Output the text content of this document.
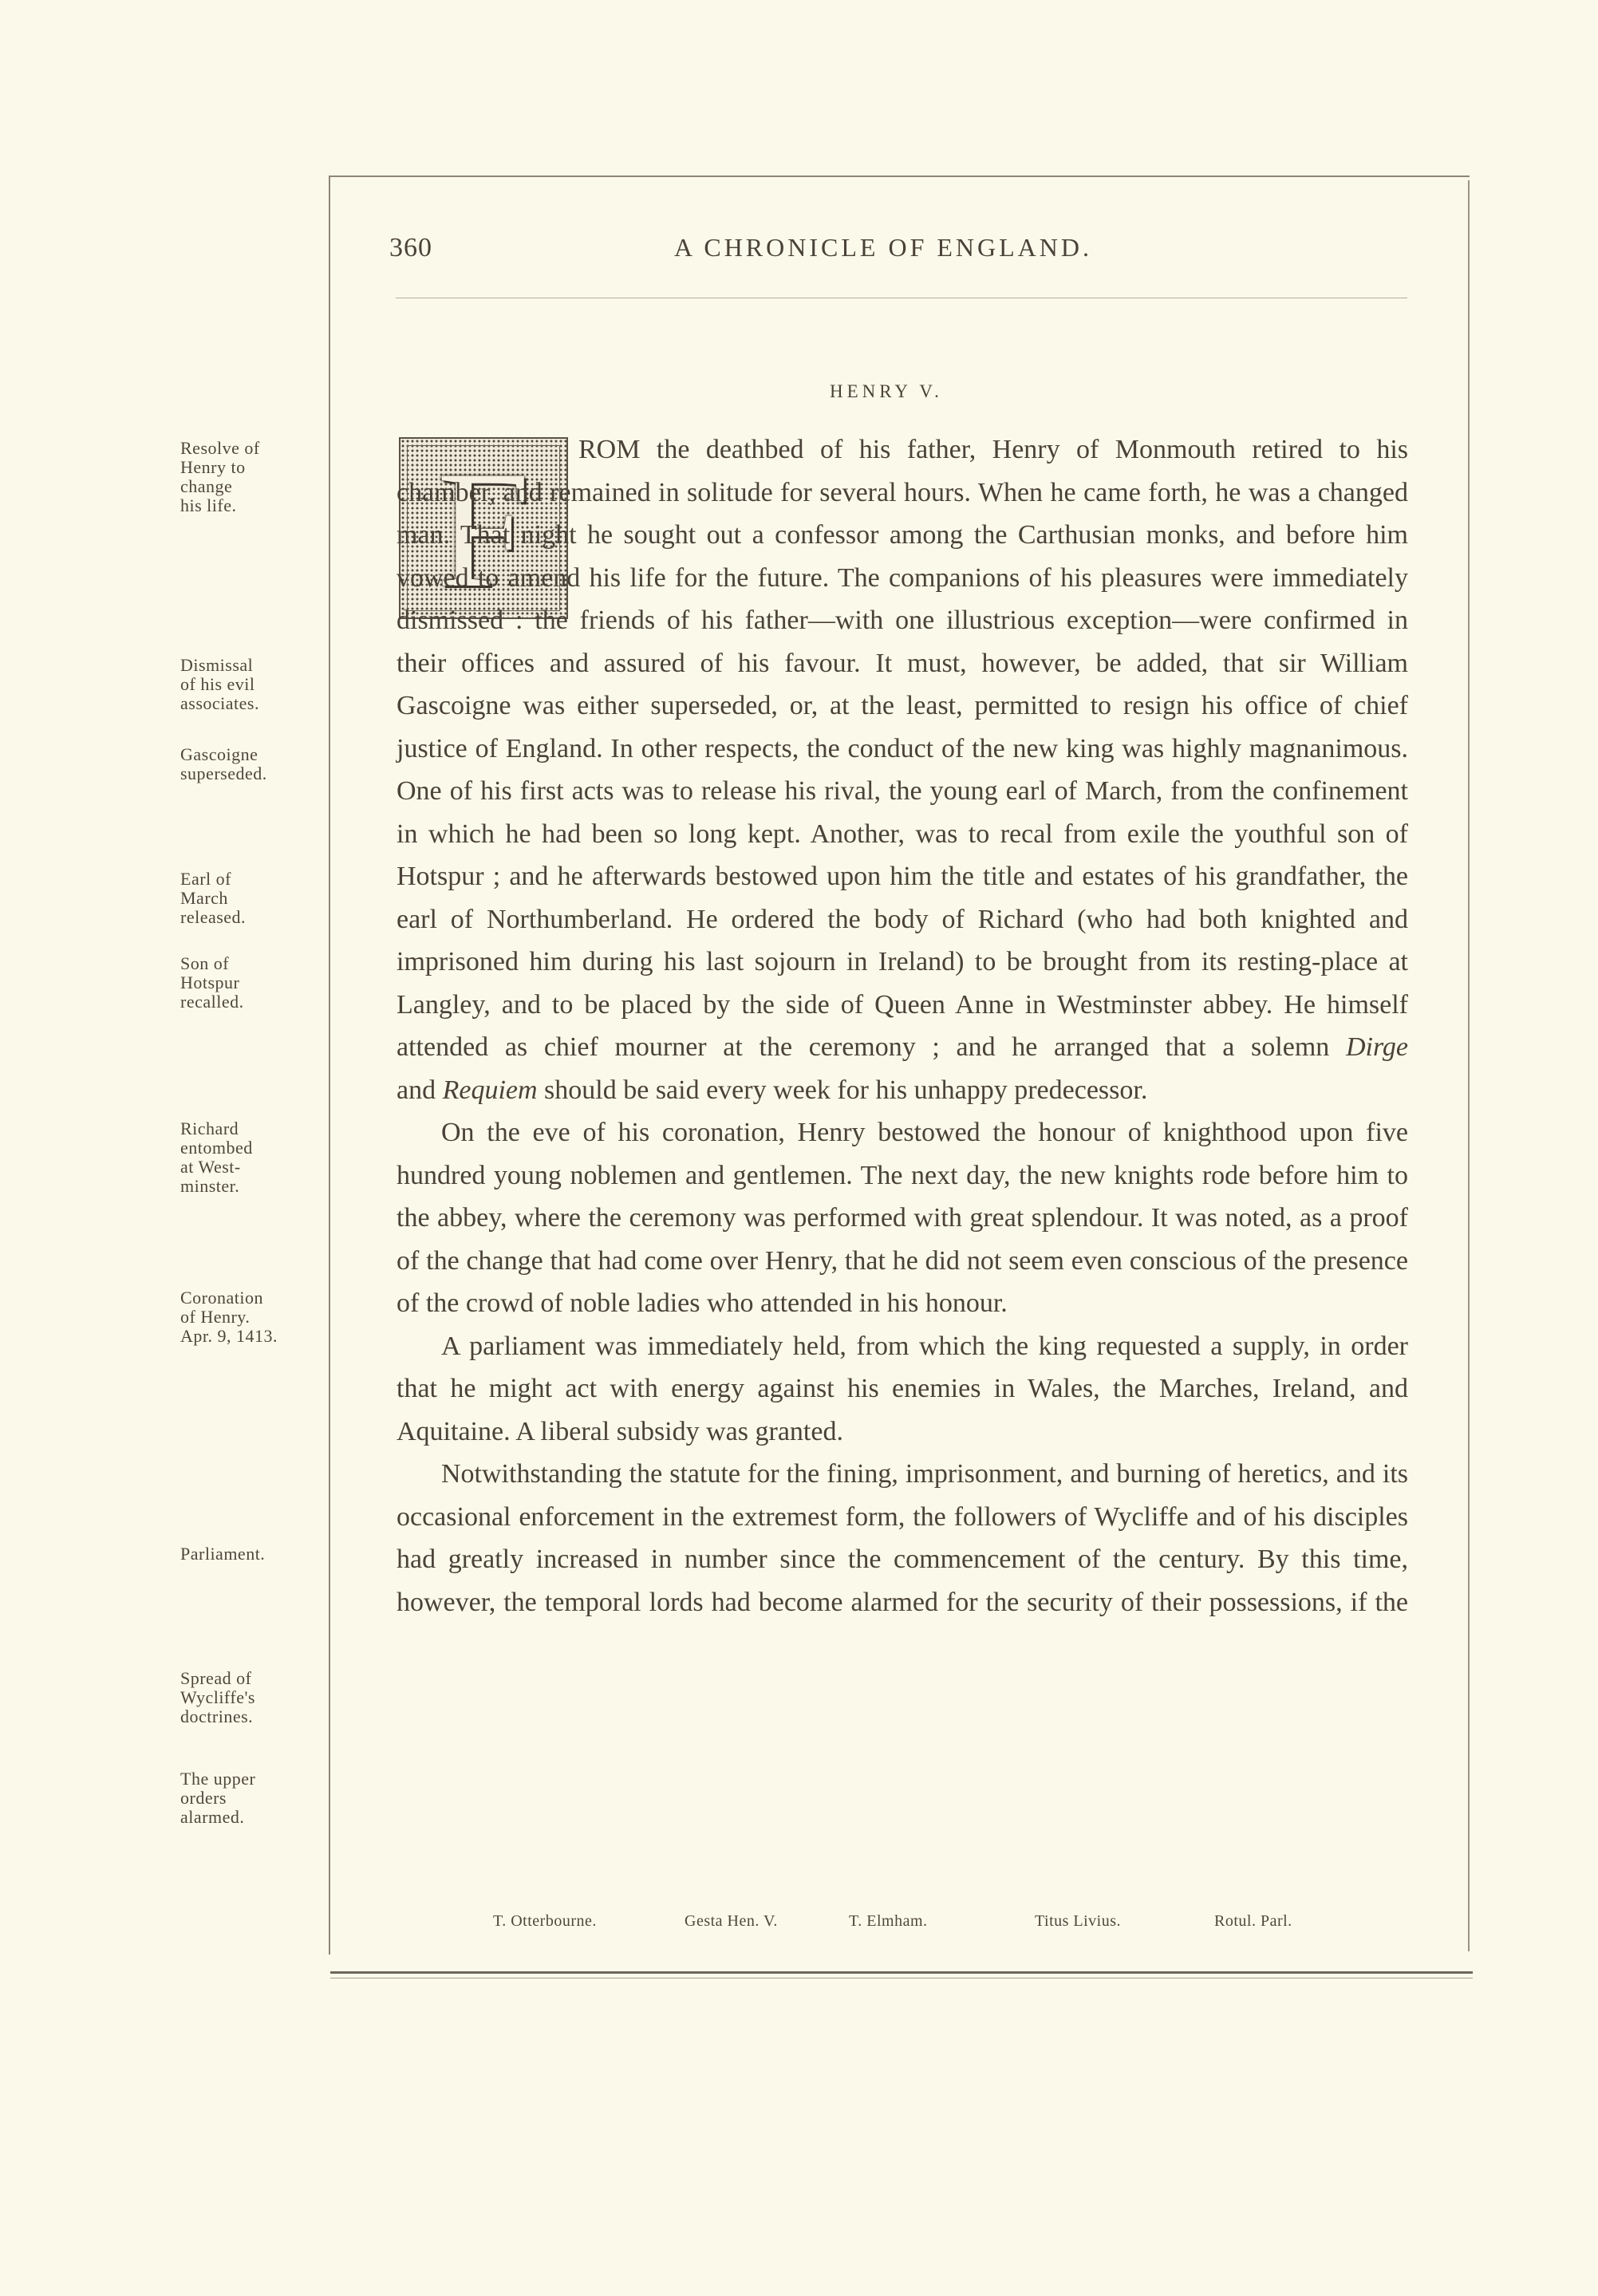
360	A CHRONICLE OF ENGLAND.
HENRY V.
F	ROM the deathbed of his father, Henry of Monmouth retired to his chamber, and remained in solitude for several hours. When he came forth, he was a changed man. That night he sought out a confessor among the Carthusian monks, and before him vowed to amend his life for the future. The companions of his pleasures were immediately dismissed : the friends of his father—with one illustrious exception—were confirmed in their offices and assured of his favour. It must, however, be added, that sir William Gascoigne was either superseded, or, at the least, permitted to resign his office of chief justice of England. In other respects, the conduct of the new king was highly magnanimous. One of his first acts was to release his rival, the young earl of March, from the confinement in which he had been so long kept. Another, was to recal from exile the youthful son of Hotspur ; and he afterwards bestowed upon him the title and estates of his grandfather, the earl of Northumberland. He ordered the body of Richard (who had both knighted and imprisoned him during his last sojourn in Ireland) to be brought from its resting-place at Langley, and to be placed by the side of Queen Anne in Westminster abbey. He himself attended as chief mourner at the ceremony ; and he arranged that a solemn Dirge

and Requiem should be said every week for his unhappy predecessor.

On the eve of his coronation, Henry bestowed the honour of knighthood upon five hundred young noblemen and gentlemen. The next day, the new knights rode before him to the abbey, where the ceremony was performed with great splendour. It was noted, as a proof of the change that had come over Henry, that he did not seem even conscious of the presence of the crowd of noble ladies who attended in his honour.

A parliament was immediately held, from which the king requested a supply, in order that he might act with energy against his enemies in Wales, the Marches, Ireland, and Aquitaine. A liberal subsidy was granted.

Notwithstanding the statute for the fining, imprisonment, and burning of heretics, and its occasional enforcement in the extremest form, the followers of Wycliffe and of his disciples had greatly increased in number since the commencement of the century. By this time, however, the temporal lords had become alarmed for the security of their possessions, if the

Resolve of
Henry to
change
his life.
Dismissal
of his evil
associates.
Gascoigne
superseded.
Earl of
March
released.
Son of
Hotspur
recalled.
Richard
entombed
at West-
minster.
Coronation
of Henry.
Apr. 9, 1413.
Parliament.
Spread of
Wycliffe's
doctrines.
The upper
orders
alarmed.
T. Otterbourne.	Gesta Hen. V.	T. Elmham.	Titus Livius.	Rotul. Parl.
